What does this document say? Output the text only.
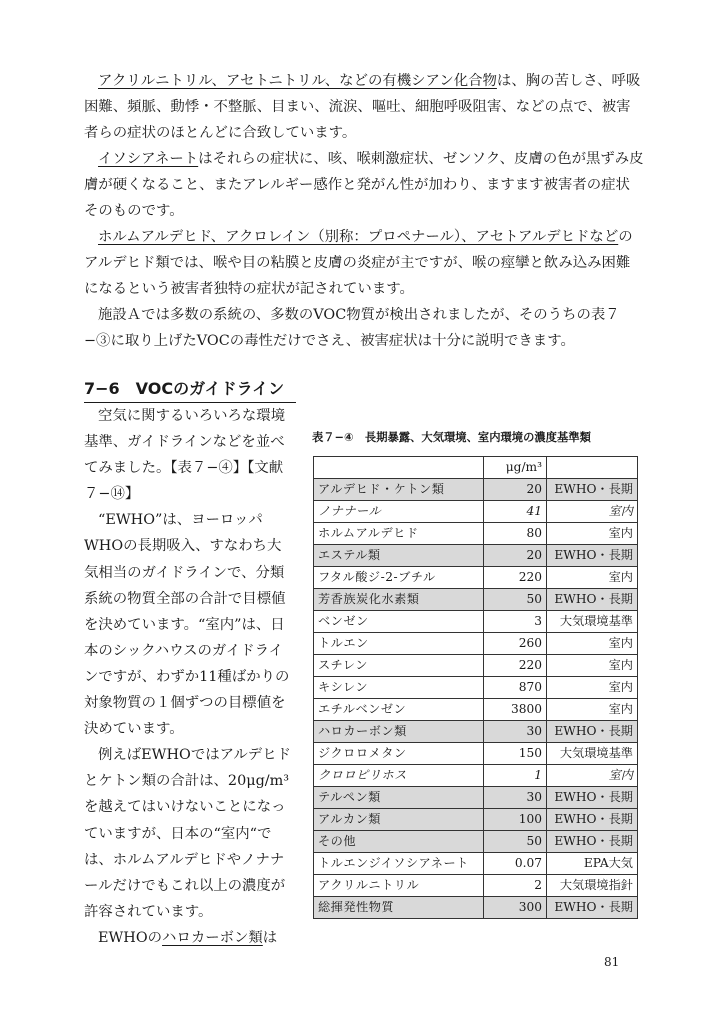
アクリルニトリル、アセトニトリル、などの有機シアン化合物は、胸の苦しさ、呼吸困難、頻脈、動悸・不整脈、目まい、流涙、嘔吐、細胞呼吸阻害、などの点で、被害者らの症状のほとんどに合致しています。

イソシアネートはそれらの症状に、咳、喉刺激症状、ゼンソク、皮膚の色が黒ずみ皮膚が硬くなること、またアレルギー感作と発がん性が加わり、ますます被害者の症状そのものです。

ホルムアルデヒド、アクロレイン（別称：プロペナール）、アセトアルデヒドなどのアルデヒド類では、喉や目の粘膜と皮膚の炎症が主ですが、喉の痙攣と飲み込み困難になるという被害者独特の症状が記されています。

施設Ａでは多数の系統の、多数のVOC物質が検出されましたが、そのうちの表７−③に取り上げたVOCの毒性だけでさえ、被害症状は十分に説明できます。

7−6　VOCのガイドライン

空気に関するいろいろな環境基準、ガイドラインなどを並べてみました。【表７−④】【文献７−⑭】

“EWHO”は、ヨーロッパWHOの長期吸入、すなわち大気相当のガイドラインで、分類系統の物質全部の合計で目標値を決めています。“室内”は、日本のシックハウスのガイドラインですが、わずか11種ばかりの対象物質の１個ずつの目標値を決めています。

例えばEWHOではアルデヒドとケトン類の合計は、20μg/m³を越えてはいけないことになっていますが、日本の“室内“では、ホルムアルデヒドやノナナールだけでもこれ以上の濃度が許容されています。

EWHOのハロカーボン類は

表７−④　長期暴露、大気環境、室内環境の濃度基準類
	μg/m³	
アルデヒド・ケトン類	20	EWHO・長期
ノナナール	41	室内
ホルムアルデヒド	80	室内
エステル類	20	EWHO・長期
フタル酸ジ-2-ブチル	220	室内
芳香族炭化水素類	50	EWHO・長期
ベンゼン	3	大気環境基準
トルエン	260	室内
スチレン	220	室内
キシレン	870	室内
エチルベンゼン	3800	室内
ハロカーボン類	30	EWHO・長期
ジクロロメタン	150	大気環境基準
クロロピリホス	1	室内
テルペン類	30	EWHO・長期
アルカン類	100	EWHO・長期
その他	50	EWHO・長期
トルエンジイソシアネート	0.07	EPA大気
アクリルニトリル	2	大気環境指針
総揮発性物質	300	EWHO・長期
81
